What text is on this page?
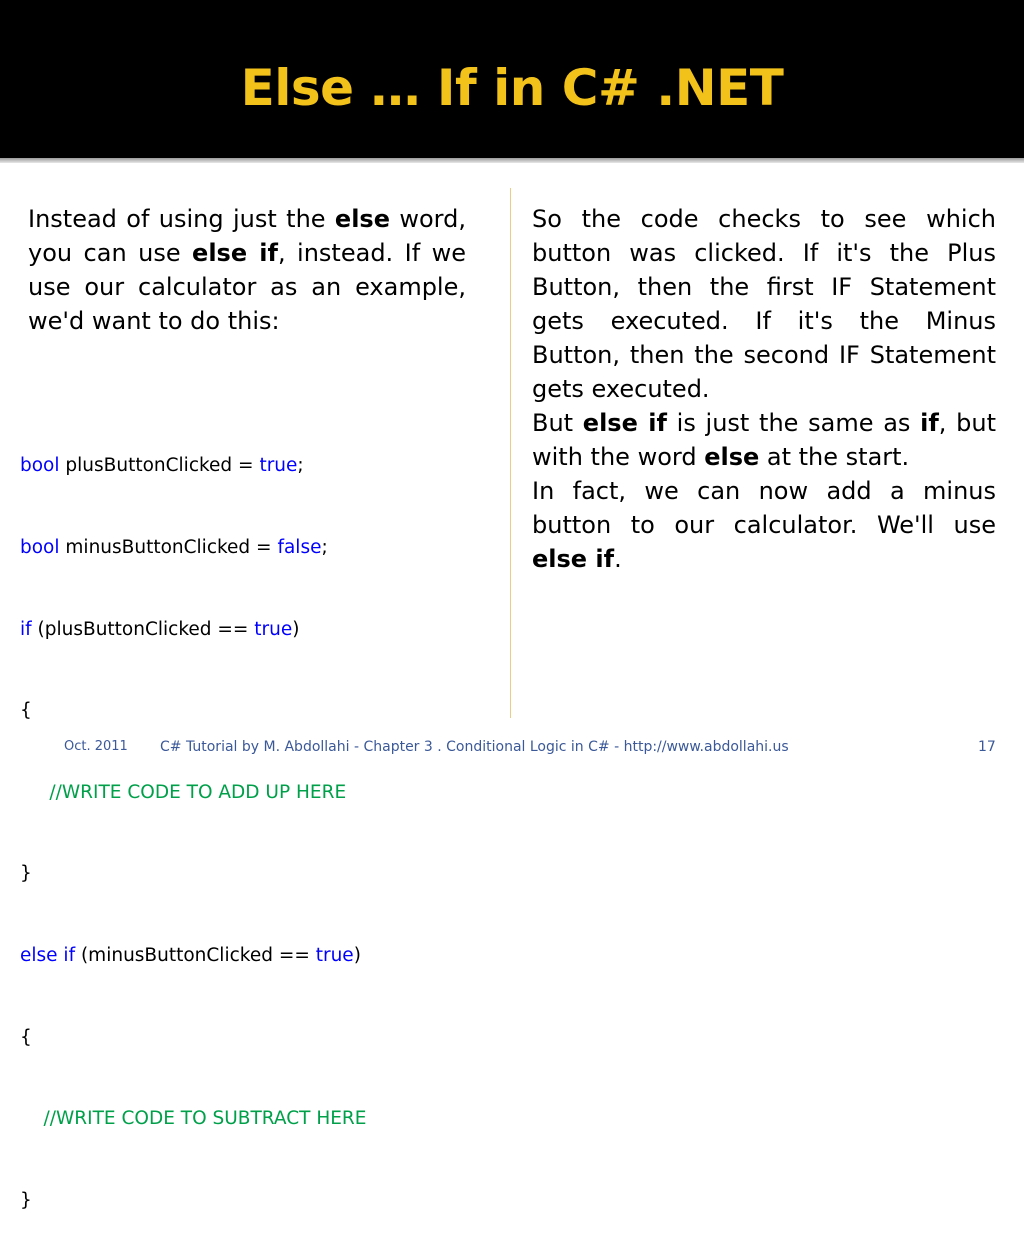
Else … If in C# .NET

Instead of using just the else word, you can use else if, instead. If we use our calculator as an example, we'd want to do this:

bool plusButtonClicked = true;

bool minusButtonClicked = false;

if (plusButtonClicked == true)

{

//WRITE CODE TO ADD UP HERE

}

else if (minusButtonClicked == true)

{

//WRITE CODE TO SUBTRACT HERE

}

So the code checks to see which button was clicked. If it's the Plus Button, then the first IF Statement gets executed. If it's the Minus Button, then the second IF Statement gets executed.

But else if is just the same as if, but with the word else at the start.

In fact, we can now add a minus button to our calculator. We'll use else if.

Oct. 2011 C# Tutorial by M. Abdollahi - Chapter 3 . Conditional Logic in C# - http://www.abdollahi.us	17
